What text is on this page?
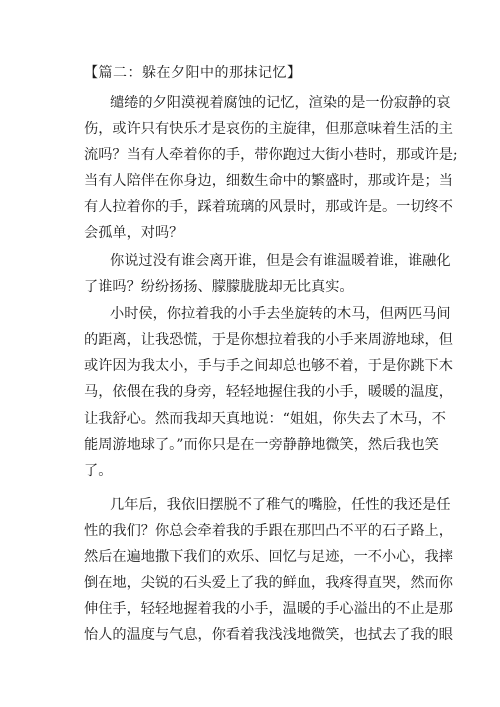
【篇二：躲在夕阳中的那抹记忆】
缱绻的夕阳漠视着腐蚀的记忆，渲染的是一份寂静的哀
伤，或许只有快乐才是哀伤的主旋律，但那意味着生活的主
流吗？当有人牵着你的手，带你跑过大街小巷时，那或许是;
当有人陪伴在你身边，细数生命中的繁盛时，那或许是；当
有人拉着你的手，踩着琉璃的风景时，那或许是。一切终不
会孤单，对吗？
你说过没有谁会离开谁，但是会有谁温暖着谁，谁融化
了谁吗？纷纷扬扬、朦朦胧胧却无比真实。
小时侯，你拉着我的小手去坐旋转的木马，但两匹马间
的距离，让我恐慌，于是你想拉着我的小手来周游地球，但
或许因为我太小，手与手之间却总也够不着，于是你跳下木
马，依偎在我的身旁，轻轻地握住我的小手，暖暖的温度，
让我舒心。然而我却天真地说：“姐姐，你失去了木马，不
能周游地球了。”而你只是在一旁静静地微笑，然后我也笑
了。
几年后，我依旧摆脱不了稚气的嘴脸，任性的我还是任
性的我们？你总会牵着我的手跟在那凹凸不平的石子路上，
然后在遍地撒下我们的欢乐、回忆与足迹，一不小心，我摔
倒在地，尖锐的石头爱上了我的鲜血，我疼得直哭，然而你
伸住手，轻轻地握着我的小手，温暖的手心溢出的不止是那
怡人的温度与气息，你看着我浅浅地微笑，也拭去了我的眼
